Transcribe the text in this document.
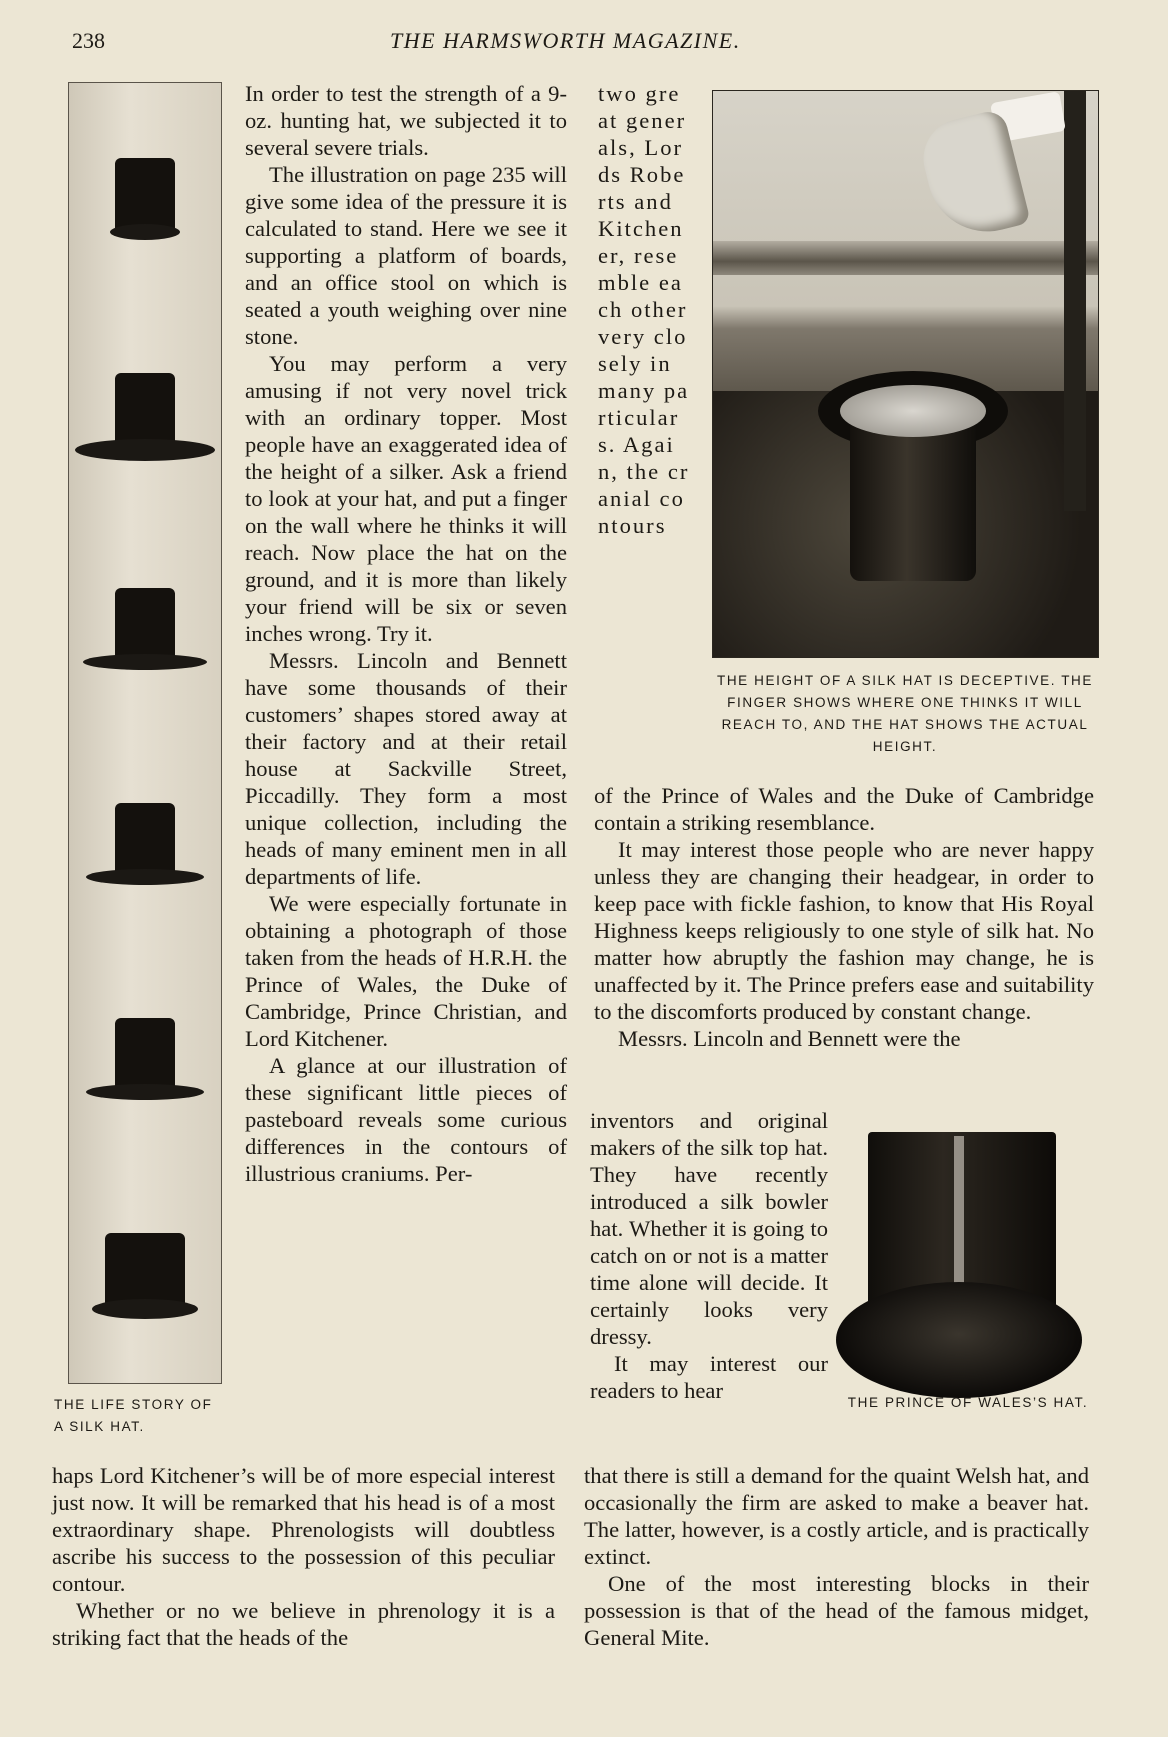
238	THE HARMSWORTH MAGAZINE.
THE LIFE STORY OF A SILK HAT.

In order to test the strength of a 9-oz. hunting hat, we subjected it to several severe trials.

The illustration on page 235 will give some idea of the pressure it is calculated to stand. Here we see it supporting a platform of boards, and an office stool on which is seated a youth weighing over nine stone.

You may perform a very amusing if not very novel trick with an ordinary topper. Most people have an exaggerated idea of the height of a silker. Ask a friend to look at your hat, and put a finger on the wall where he thinks it will reach. Now place the hat on the ground, and it is more than likely your friend will be six or seven inches wrong. Try it.

Messrs. Lincoln and Bennett have some thousands of their customers’ shapes stored away at their factory and at their retail house at Sackville Street, Piccadilly. They form a most unique collection, including the heads of many eminent men in all departments of life.

We were especially fortunate in obtaining a photograph of those taken from the heads of H.R.H. the Prince of Wales, the Duke of Cambridge, Prince Christian, and Lord Kitchener.

A glance at our illustration of these significant little pieces of pasteboard reveals some curious differences in the contours of illustrious craniums. Per-

haps Lord Kitchener’s will be of more especial interest just now. It will be remarked that his head is of a most extraordinary shape. Phrenologists will doubtless ascribe his success to the possession of this peculiar contour.

Whether or no we believe in phrenology it is a striking fact that the heads of the

two great generals, Lords Roberts and Kitchener, resemble each other very closely in many particulars. Again, the cranial contours

THE HEIGHT OF A SILK HAT IS DECEPTIVE. THE FINGER SHOWS WHERE ONE THINKS IT WILL REACH TO, AND THE HAT SHOWS THE ACTUAL HEIGHT.

of the Prince of Wales and the Duke of Cambridge contain a striking resemblance.

It may interest those people who are never happy unless they are changing their headgear, in order to keep pace with fickle fashion, to know that His Royal Highness keeps religiously to one style of silk hat. No matter how abruptly the fashion may change, he is unaffected by it. The Prince prefers ease and suitability to the discomforts produced by constant change.

Messrs. Lincoln and Bennett were the

inventors and original makers of the silk top hat. They have recently introduced a silk bowler hat. Whether it is going to catch on or not is a matter time alone will decide. It certainly looks very dressy.

It may interest our readers to hear	THE PRINCE OF WALES’S HAT.

that there is still a demand for the quaint Welsh hat, and occasionally the firm are asked to make a beaver hat. The latter, however, is a costly article, and is practically extinct.

One of the most interesting blocks in their possession is that of the head of the famous midget, General Mite.
